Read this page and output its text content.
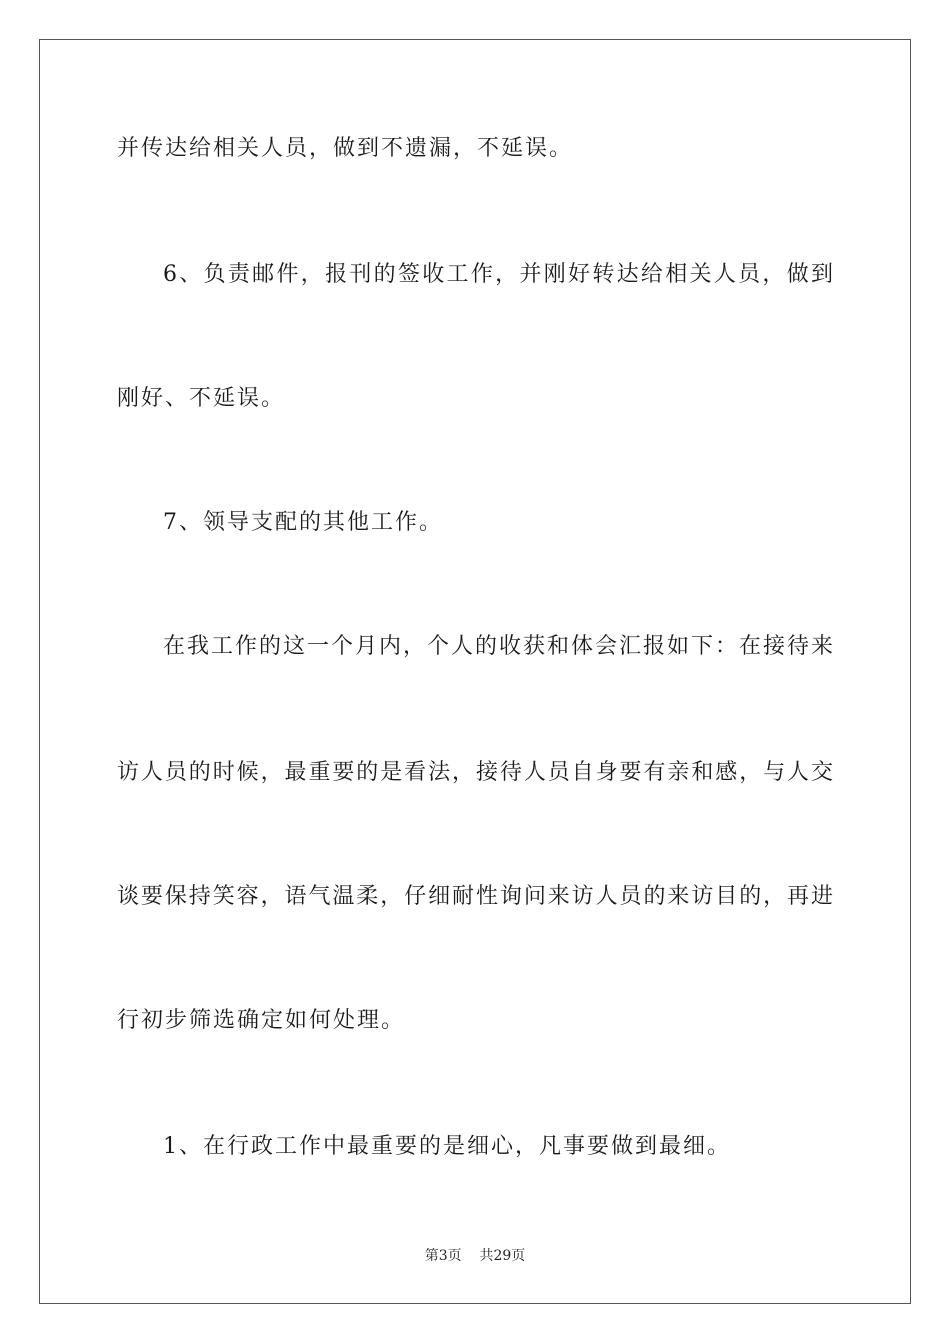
并传达给相关人员，做到不遗漏，不延误。
6、负责邮件，报刊的签收工作，并刚好转达给相关人员，做到
刚好、不延误。
7、领导支配的其他工作。
在我工作的这一个月内，个人的收获和体会汇报如下：在接待来
访人员的时候，最重要的是看法，接待人员自身要有亲和感，与人交
谈要保持笑容，语气温柔，仔细耐性询问来访人员的来访目的，再进
行初步筛选确定如何处理。
1、在行政工作中最重要的是细心，凡事要做到最细。
第3页 共29页
